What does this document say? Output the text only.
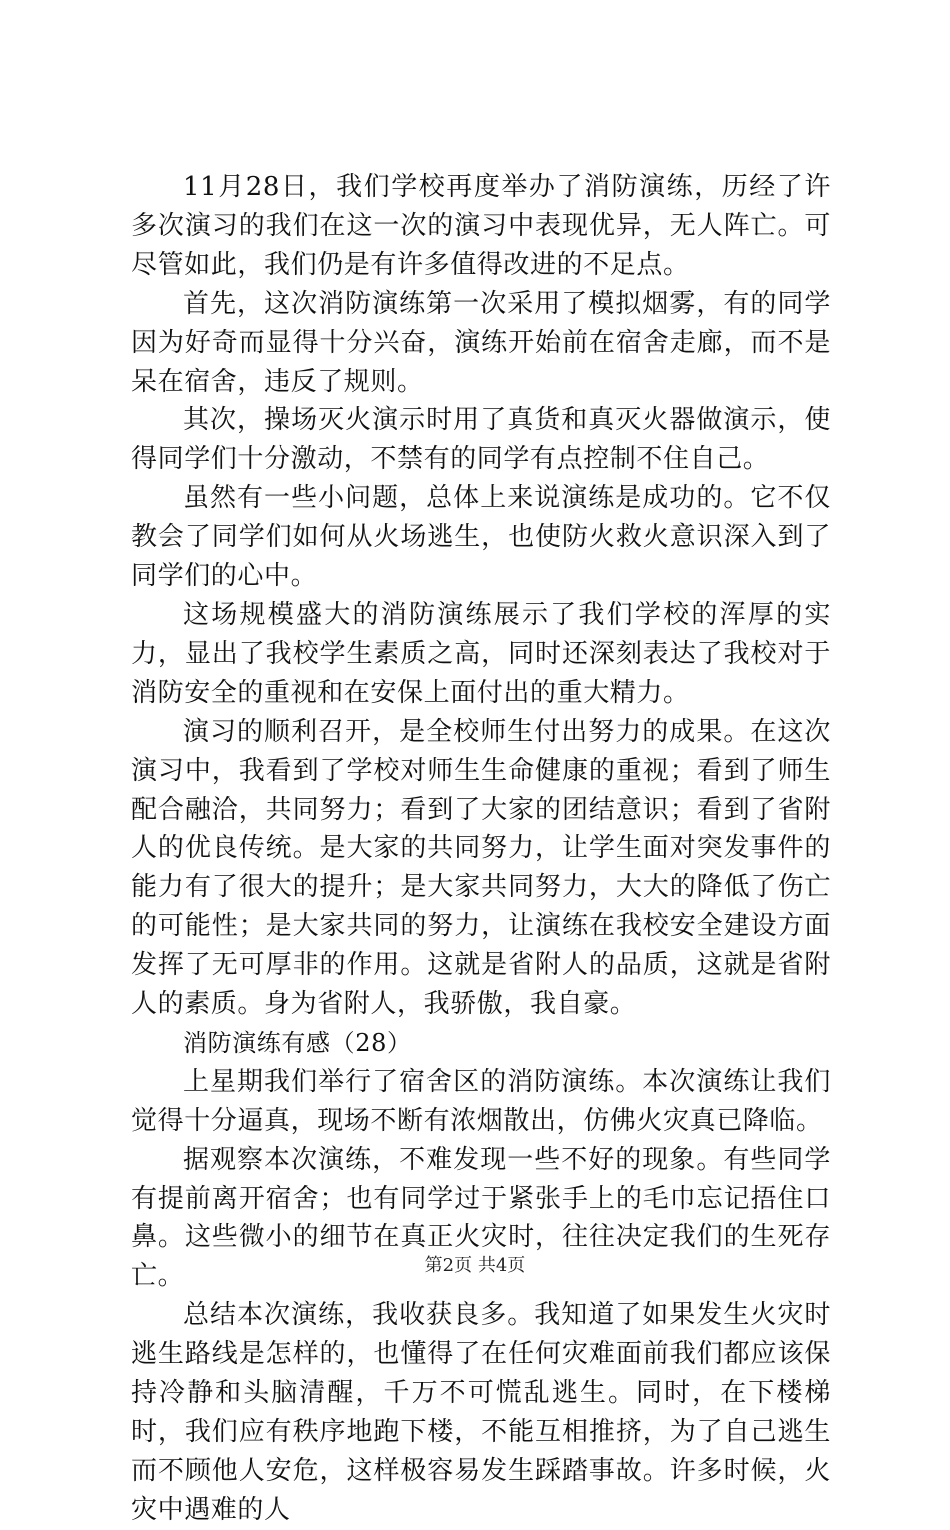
11月28日，我们学校再度举办了消防演练，历经了许多次演习的我们在这一次的演习中表现优异，无人阵亡。可尽管如此，我们仍是有许多值得改进的不足点。

首先，这次消防演练第一次采用了模拟烟雾，有的同学因为好奇而显得十分兴奋，演练开始前在宿舍走廊，而不是呆在宿舍，违反了规则。

其次，操场灭火演示时用了真货和真灭火器做演示，使得同学们十分激动，不禁有的同学有点控制不住自己。

虽然有一些小问题，总体上来说演练是成功的。它不仅教会了同学们如何从火场逃生，也使防火救火意识深入到了同学们的心中。

这场规模盛大的消防演练展示了我们学校的浑厚的实力，显出了我校学生素质之高，同时还深刻表达了我校对于消防安全的重视和在安保上面付出的重大精力。

演习的顺利召开，是全校师生付出努力的成果。在这次演习中，我看到了学校对师生生命健康的重视；看到了师生配合融洽，共同努力；看到了大家的团结意识；看到了省附人的优良传统。是大家的共同努力，让学生面对突发事件的能力有了很大的提升；是大家共同努力，大大的降低了伤亡的可能性；是大家共同的努力，让演练在我校安全建设方面发挥了无可厚非的作用。这就是省附人的品质，这就是省附人的素质。身为省附人，我骄傲，我自豪。

消防演练有感（28）

上星期我们举行了宿舍区的消防演练。本次演练让我们觉得十分逼真，现场不断有浓烟散出，仿佛火灾真已降临。

据观察本次演练，不难发现一些不好的现象。有些同学有提前离开宿舍；也有同学过于紧张手上的毛巾忘记捂住口鼻。这些微小的细节在真正火灾时，往往决定我们的生死存亡。

总结本次演练，我收获良多。我知道了如果发生火灾时逃生路线是怎样的，也懂得了在任何灾难面前我们都应该保持冷静和头脑清醒，千万不可慌乱逃生。同时，在下楼梯时，我们应有秩序地跑下楼，不能互相推挤，为了自己逃生而不顾他人安危，这样极容易发生踩踏事故。许多时候，火灾中遇难的人

第2页 共4页
